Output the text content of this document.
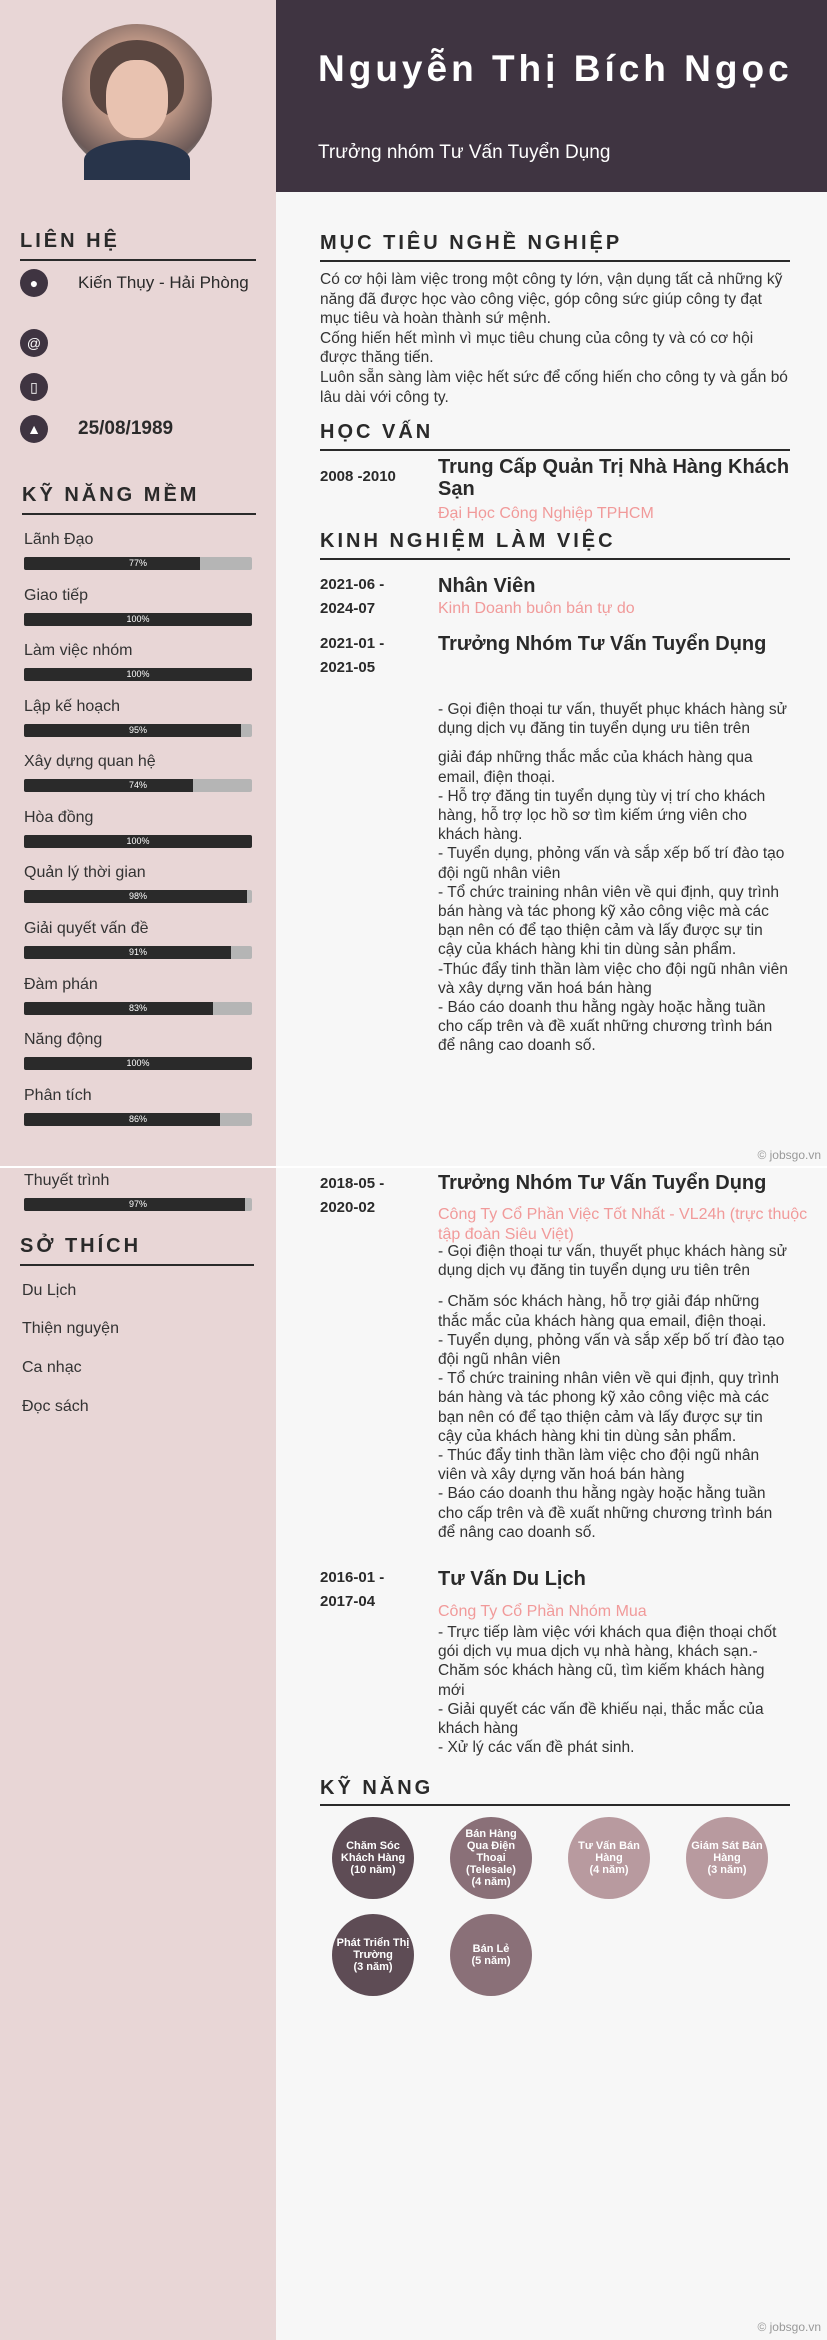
Nguyễn Thị Bích Ngọc
Trưởng nhóm Tư Vấn Tuyển Dụng
LIÊN HỆ
●	Kiến Thụy - Hải Phòng
@
▯
▲	25/08/1989
KỸ NĂNG MỀM
Lãnh Đạo
77%
Giao tiếp
100%
Làm việc nhóm
100%
Lập kế hoạch
95%
Xây dựng quan hệ
74%
Hòa đồng
100%
Quản lý thời gian
98%
Giải quyết vấn đề
91%
Đàm phán
83%
Năng động
100%
Phân tích
86%
MỤC TIÊU NGHỀ NGHIỆP

Có cơ hội làm việc trong một công ty lớn, vận dụng tất cả những kỹ năng đã được học vào công việc, góp công sức giúp công ty đạt mục tiêu và hoàn thành sứ mệnh.

Cống hiến hết mình vì mục tiêu chung của công ty và có cơ hội được thăng tiến.

Luôn sẵn sàng làm việc hết sức để cống hiến cho công ty và gắn bó lâu dài với công ty.

HỌC VẤN
2008 -2010	Trung Cấp Quản Trị Nhà Hàng Khách Sạn
Đại Học Công Nghiệp TPHCM
KINH NGHIỆM LÀM VIỆC
2021-06 - 2024-07
Nhân Viên
Kinh Doanh buôn bán tự do
2021-01 - 2021-05
Trưởng Nhóm Tư Vấn Tuyển Dụng

- Gọi điện thoại tư vấn, thuyết phục khách hàng sử dụng dịch vụ đăng tin tuyển dụng ưu tiên trên

giải đáp những thắc mắc của khách hàng qua email, điện thoại.

- Hỗ trợ đăng tin tuyển dụng tùy vị trí cho khách hàng, hỗ trợ lọc hồ sơ tìm kiếm ứng viên cho khách hàng.

- Tuyển dụng, phỏng vấn và sắp xếp bố trí đào tạo đội ngũ nhân viên

- Tổ chức training nhân viên về qui định, quy trình bán hàng và tác phong kỹ xảo công việc mà các bạn nên có để tạo thiện cảm và lấy được sự tin cậy của khách hàng khi tin dùng sản phẩm.

-Thúc đẩy tinh thần làm việc cho đội ngũ nhân viên và xây dựng văn hoá bán hàng

- Báo cáo doanh thu hằng ngày hoặc hằng tuần cho cấp trên và đề xuất những chương trình bán để nâng cao doanh số.

© jobsgo.vn
Thuyết trình
97%
SỞ THÍCH
Du Lịch
Thiện nguyện
Ca nhạc
Đọc sách
2018-05 - 2020-02
Trưởng Nhóm Tư Vấn Tuyển Dụng
Công Ty Cổ Phần Việc Tốt Nhất - VL24h (trực thuộc tập đoàn Siêu Việt)

- Gọi điện thoại tư vấn, thuyết phục khách hàng sử dụng dịch vụ đăng tin tuyển dụng ưu tiên trên

- Chăm sóc khách hàng, hỗ trợ giải đáp những thắc mắc của khách hàng qua email, điện thoại.

- Tuyển dụng, phỏng vấn và sắp xếp bố trí đào tạo đội ngũ nhân viên

- Tổ chức training nhân viên về qui định, quy trình bán hàng và tác phong kỹ xảo công việc mà các bạn nên có để tạo thiện cảm và lấy được sự tin cậy của khách hàng khi tin dùng sản phẩm.

- Thúc đẩy tinh thần làm việc cho đội ngũ nhân viên và xây dựng văn hoá bán hàng

- Báo cáo doanh thu hằng ngày hoặc hằng tuần cho cấp trên và đề xuất những chương trình bán để nâng cao doanh số.

2016-01 - 2017-04
Tư Vấn Du Lịch
Công Ty Cổ Phần Nhóm Mua

- Trực tiếp làm việc với khách qua điện thoại chốt gói dịch vụ mua dịch vụ nhà hàng, khách sạn.- Chăm sóc khách hàng cũ, tìm kiếm khách hàng mới

- Giải quyết các vấn đề khiếu nại, thắc mắc của khách hàng

- Xử lý các vấn đề phát sinh.

KỸ NĂNG
Chăm Sóc Khách Hàng
(10 năm)
Bán Hàng Qua Điện Thoại (Telesale)
(4 năm)
Tư Vấn Bán Hàng
(4 năm)
Giám Sát Bán Hàng
(3 năm)
Phát Triển Thị Trường
(3 năm)
Bán Lẻ
(5 năm)
© jobsgo.vn
